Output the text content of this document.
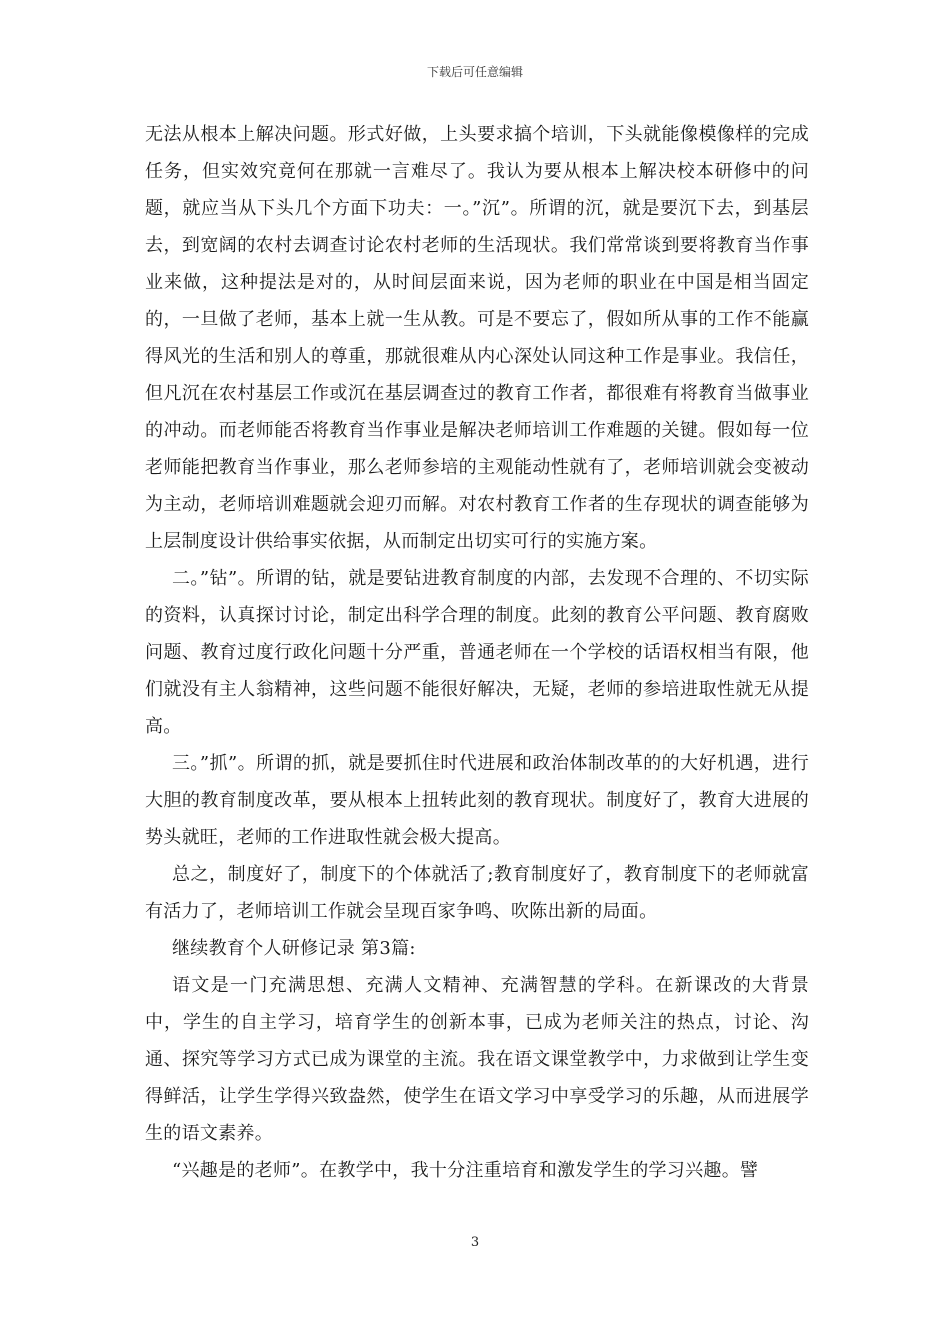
下载后可任意编辑

无法从根本上解决问题。形式好做，上头要求搞个培训，下头就能像模像样的完成任务，但实效究竟何在那就一言难尽了。我认为要从根本上解决校本研修中的问题，就应当从下头几个方面下功夫：一。”沉”。所谓的沉，就是要沉下去，到基层去，到宽阔的农村去调查讨论农村老师的生活现状。我们常常谈到要将教育当作事业来做，这种提法是对的，从时间层面来说，因为老师的职业在中国是相当固定的，一旦做了老师，基本上就一生从教。可是不要忘了，假如所从事的工作不能赢得风光的生活和别人的尊重，那就很难从内心深处认同这种工作是事业。我信任，但凡沉在农村基层工作或沉在基层调查过的教育工作者，都很难有将教育当做事业的冲动。而老师能否将教育当作事业是解决老师培训工作难题的关键。假如每一位老师能把教育当作事业，那么老师参培的主观能动性就有了，老师培训就会变被动为主动，老师培训难题就会迎刃而解。对农村教育工作者的生存现状的调查能够为上层制度设计供给事实依据，从而制定出切实可行的实施方案。

二。”钻”。所谓的钻，就是要钻进教育制度的内部，去发现不合理的、不切实际的资料，认真探讨讨论，制定出科学合理的制度。此刻的教育公平问题、教育腐败问题、教育过度行政化问题十分严重，普通老师在一个学校的话语权相当有限，他们就没有主人翁精神，这些问题不能很好解决，无疑，老师的参培进取性就无从提高。

三。”抓”。所谓的抓，就是要抓住时代进展和政治体制改革的的大好机遇，进行大胆的教育制度改革，要从根本上扭转此刻的教育现状。制度好了，教育大进展的势头就旺，老师的工作进取性就会极大提高。

总之，制度好了，制度下的个体就活了;教育制度好了，教育制度下的老师就富有活力了，老师培训工作就会呈现百家争鸣、吹陈出新的局面。

继续教育个人研修记录 第3篇:

语文是一门充满思想、充满人文精神、充满智慧的学科。在新课改的大背景中，学生的自主学习，培育学生的创新本事，已成为老师关注的热点，讨论、沟通、探究等学习方式已成为课堂的主流。我在语文课堂教学中，力求做到让学生变得鲜活，让学生学得兴致盎然，使学生在语文学习中享受学习的乐趣，从而进展学生的语文素养。

“兴趣是的老师”。在教学中，我十分注重培育和激发学生的学习兴趣。譬

3
